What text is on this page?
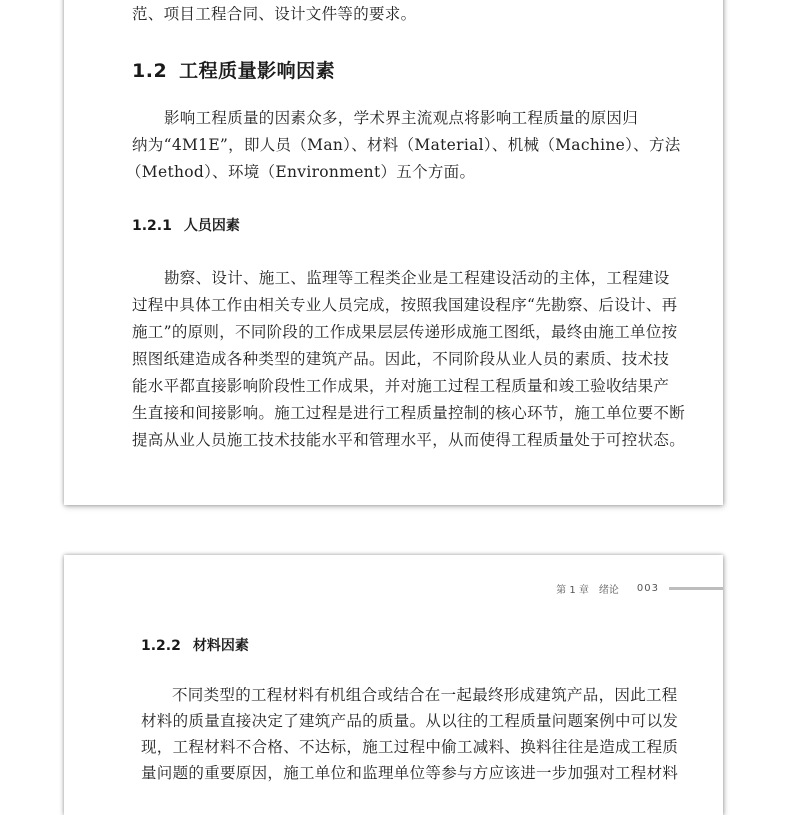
范、项目工程合同、设计文件等的要求。
1.2 工程质量影响因素
影响工程质量的因素众多，学术界主流观点将影响工程质量的原因归
纳为“4M1E”，即人员（Man）、材料（Material）、机械（Machine）、方法
（Method）、环境（Environment）五个方面。
1.2.1 人员因素
勘察、设计、施工、监理等工程类企业是工程建设活动的主体，工程建设
过程中具体工作由相关专业人员完成，按照我国建设程序“先勘察、后设计、再
施工”的原则，不同阶段的工作成果层层传递形成施工图纸，最终由施工单位按
照图纸建造成各种类型的建筑产品。因此，不同阶段从业人员的素质、技术技
能水平都直接影响阶段性工作成果，并对施工过程工程质量和竣工验收结果产
生直接和间接影响。施工过程是进行工程质量控制的核心环节，施工单位要不断
提高从业人员施工技术技能水平和管理水平，从而使得工程质量处于可控状态。
第 1 章　绪论 003
1.2.2 材料因素
不同类型的工程材料有机组合或结合在一起最终形成建筑产品，因此工程
材料的质量直接决定了建筑产品的质量。从以往的工程质量问题案例中可以发
现，工程材料不合格、不达标，施工过程中偷工减料、换料往往是造成工程质
量问题的重要原因，施工单位和监理单位等参与方应该进一步加强对工程材料
